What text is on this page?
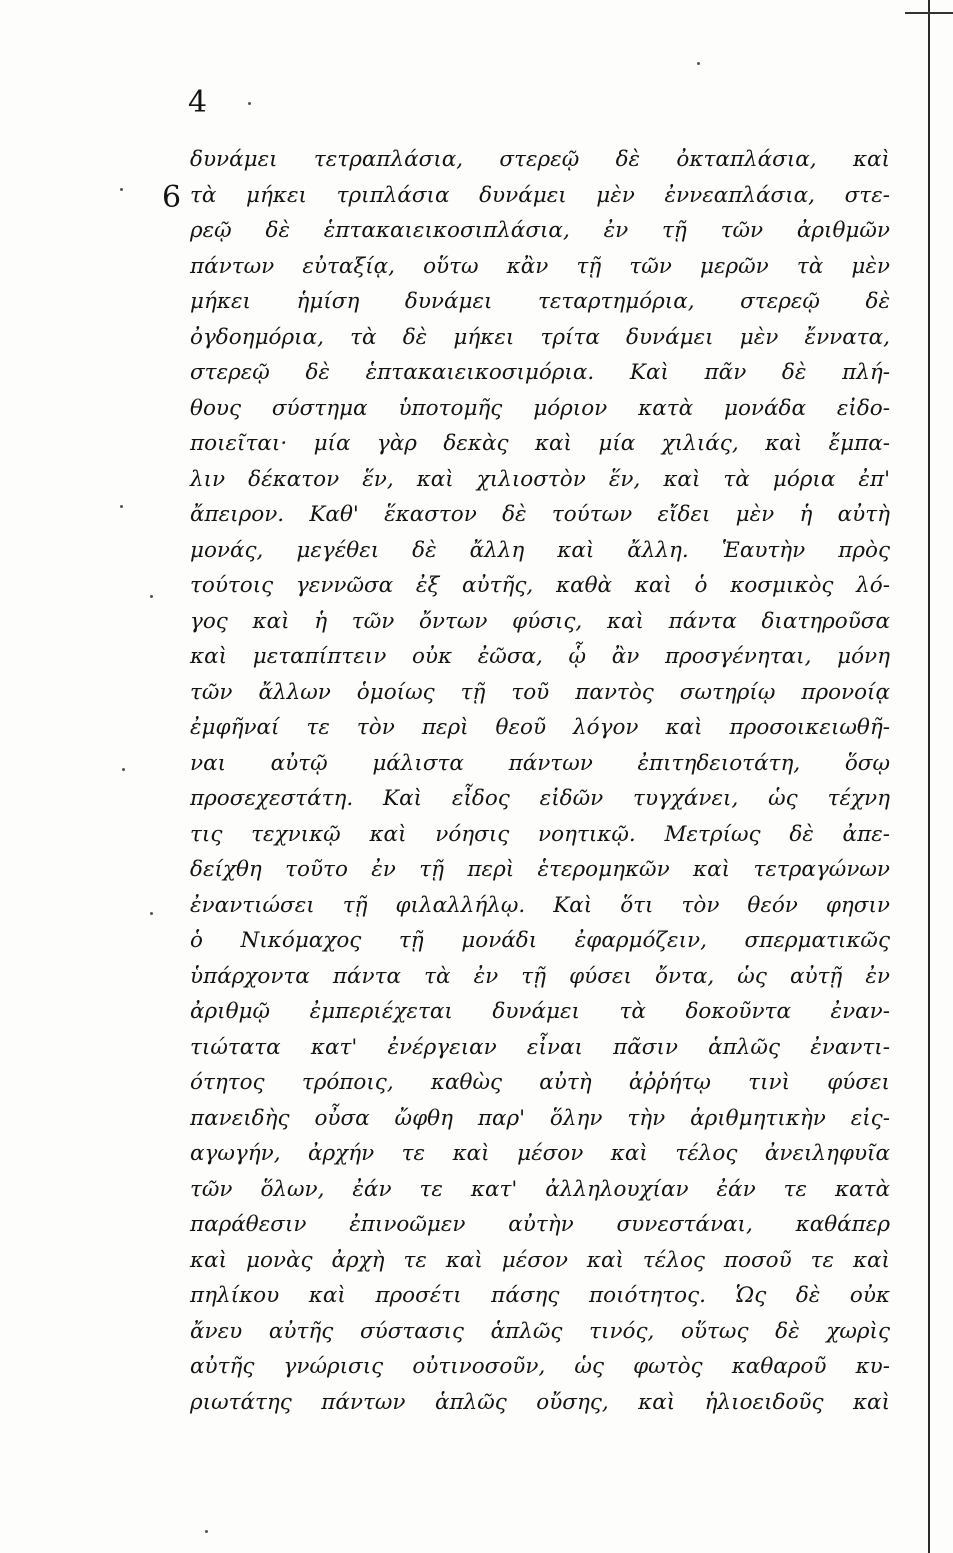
4
6
δυνάμει τετραπλάσια, στερεῷ δὲ ὀκταπλάσια, καὶ
τὰ μήκει τριπλάσια δυνάμει μὲν ἐννεαπλάσια, στε-
ρεῷ δὲ ἑπτακαιεικοσιπλάσια, ἐν τῇ τῶν ἀριθμῶν
πάντων εὐταξίᾳ, οὕτω κἂν τῇ τῶν μερῶν τὰ μὲν
μήκει ἡμίση δυνάμει τεταρτημόρια, στερεῷ δὲ
ὀγδοημόρια, τὰ δὲ μήκει τρίτα δυνάμει μὲν ἔννατα,
στερεῷ δὲ ἑπτακαιεικοσιμόρια. Καὶ πᾶν δὲ πλή-
θους σύστημα ὑποτομῆς μόριον κατὰ μονάδα εἰδο-
ποιεῖται· μία γὰρ δεκὰς καὶ μία χιλιάς, καὶ ἔμπα-
λιν δέκατον ἕν, καὶ χιλιοστὸν ἕν, καὶ τὰ μόρια ἐπ'
ἄπειρον. Καθ' ἕκαστον δὲ τούτων εἴδει μὲν ἡ αὐτὴ
μονάς, μεγέθει δὲ ἄλλη καὶ ἄλλη. Ἑαυτὴν πρὸς
τούτοις γεννῶσα ἐξ αὐτῆς, καθὰ καὶ ὁ κοσμικὸς λό-
γος καὶ ἡ τῶν ὄντων φύσις, καὶ πάντα διατηροῦσα
καὶ μεταπίπτειν οὐκ ἐῶσα, ᾧ ἂν προσγένηται, μόνη
τῶν ἄλλων ὁμοίως τῇ τοῦ παντὸς σωτηρίῳ προνοίᾳ
ἐμφῆναί τε τὸν περὶ θεοῦ λόγον καὶ προσοικειωθῆ-
ναι αὐτῷ μάλιστα πάντων ἐπιτηδειοτάτη, ὅσῳ
προσεχεστάτη. Καὶ εἶδος εἰδῶν τυγχάνει, ὡς τέχνη
τις τεχνικῷ καὶ νόησις νοητικῷ. Μετρίως δὲ ἀπε-
δείχθη τοῦτο ἐν τῇ περὶ ἑτερομηκῶν καὶ τετραγώνων
ἐναντιώσει τῇ φιλαλλήλῳ. Καὶ ὅτι τὸν θεόν φησιν
ὁ Νικόμαχος τῇ μονάδι ἐφαρμόζειν, σπερματικῶς
ὑπάρχοντα πάντα τὰ ἐν τῇ φύσει ὄντα, ὡς αὐτῇ ἐν
ἀριθμῷ ἐμπεριέχεται δυνάμει τὰ δοκοῦντα ἐναν-
τιώτατα κατ' ἐνέργειαν εἶναι πᾶσιν ἁπλῶς ἐναντι-
ότητος τρόποις, καθὼς αὐτὴ ἀῤῥήτῳ τινὶ φύσει
πανειδὴς οὖσα ὤφθη παρ' ὅλην τὴν ἀριθμητικὴν εἰς-
αγωγήν, ἀρχήν τε καὶ μέσον καὶ τέλος ἀνειληφυῖα
τῶν ὅλων, ἐάν τε κατ' ἀλληλουχίαν ἐάν τε κατὰ
παράθεσιν ἐπινοῶμεν αὐτὴν συνεστάναι, καθάπερ
καὶ μονὰς ἀρχὴ τε καὶ μέσον καὶ τέλος ποσοῦ τε καὶ
πηλίκου καὶ προσέτι πάσης ποιότητος. Ὡς δὲ οὐκ
ἄνευ αὐτῆς σύστασις ἁπλῶς τινός, οὕτως δὲ χωρὶς
αὐτῆς γνώρισις οὐτινοσοῦν, ὡς φωτὸς καθαροῦ κυ-
ριωτάτης πάντων ἁπλῶς οὔσης, καὶ ἡλιοειδοῦς καὶ
